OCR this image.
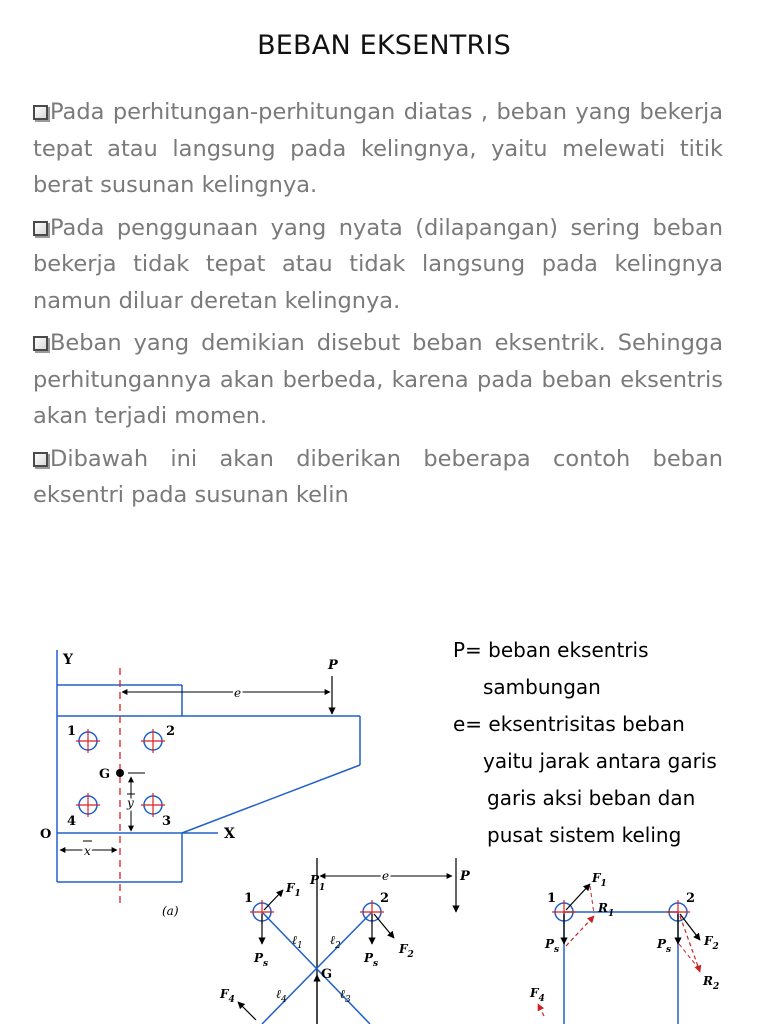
BEBAN EKSENTRIS
Pada perhitungan-perhitungan diatas , beban yang bekerja tepat atau langsung pada kelingnya, yaitu melewati titik berat susunan kelingnya.
Pada penggunaan yang nyata (dilapangan) sering beban bekerja tidak tepat atau tidak langsung pada kelingnya namun diluar deretan kelingnya.
Beban yang demikian disebut beban eksentrik. Sehingga perhitungannya akan berbeda, karena pada beban eksentris akan terjadi momen.
Dibawah ini akan diberikan beberapa contoh beban eksentri pada susunan kelin
P= beban eksentris
sambungan
e= eksentrisitas beban
yaitu jarak antara garis
garis aksi beban dan
pusat sistem keling
Y
X
O
P
e
1	2
3
4
G
y
x
(a)
e	P
$P_1$
1	2
$F_1$
$P_s$
$F_2$
$P_s$
$F_4$
ℓ$_1$ ℓ$_2$
ℓ$_3$
ℓ$_4$
G
1	2
$F_1$
$P_s$
$R_1$
$F_2$
$P_s$
$R_2$
$F_4$
